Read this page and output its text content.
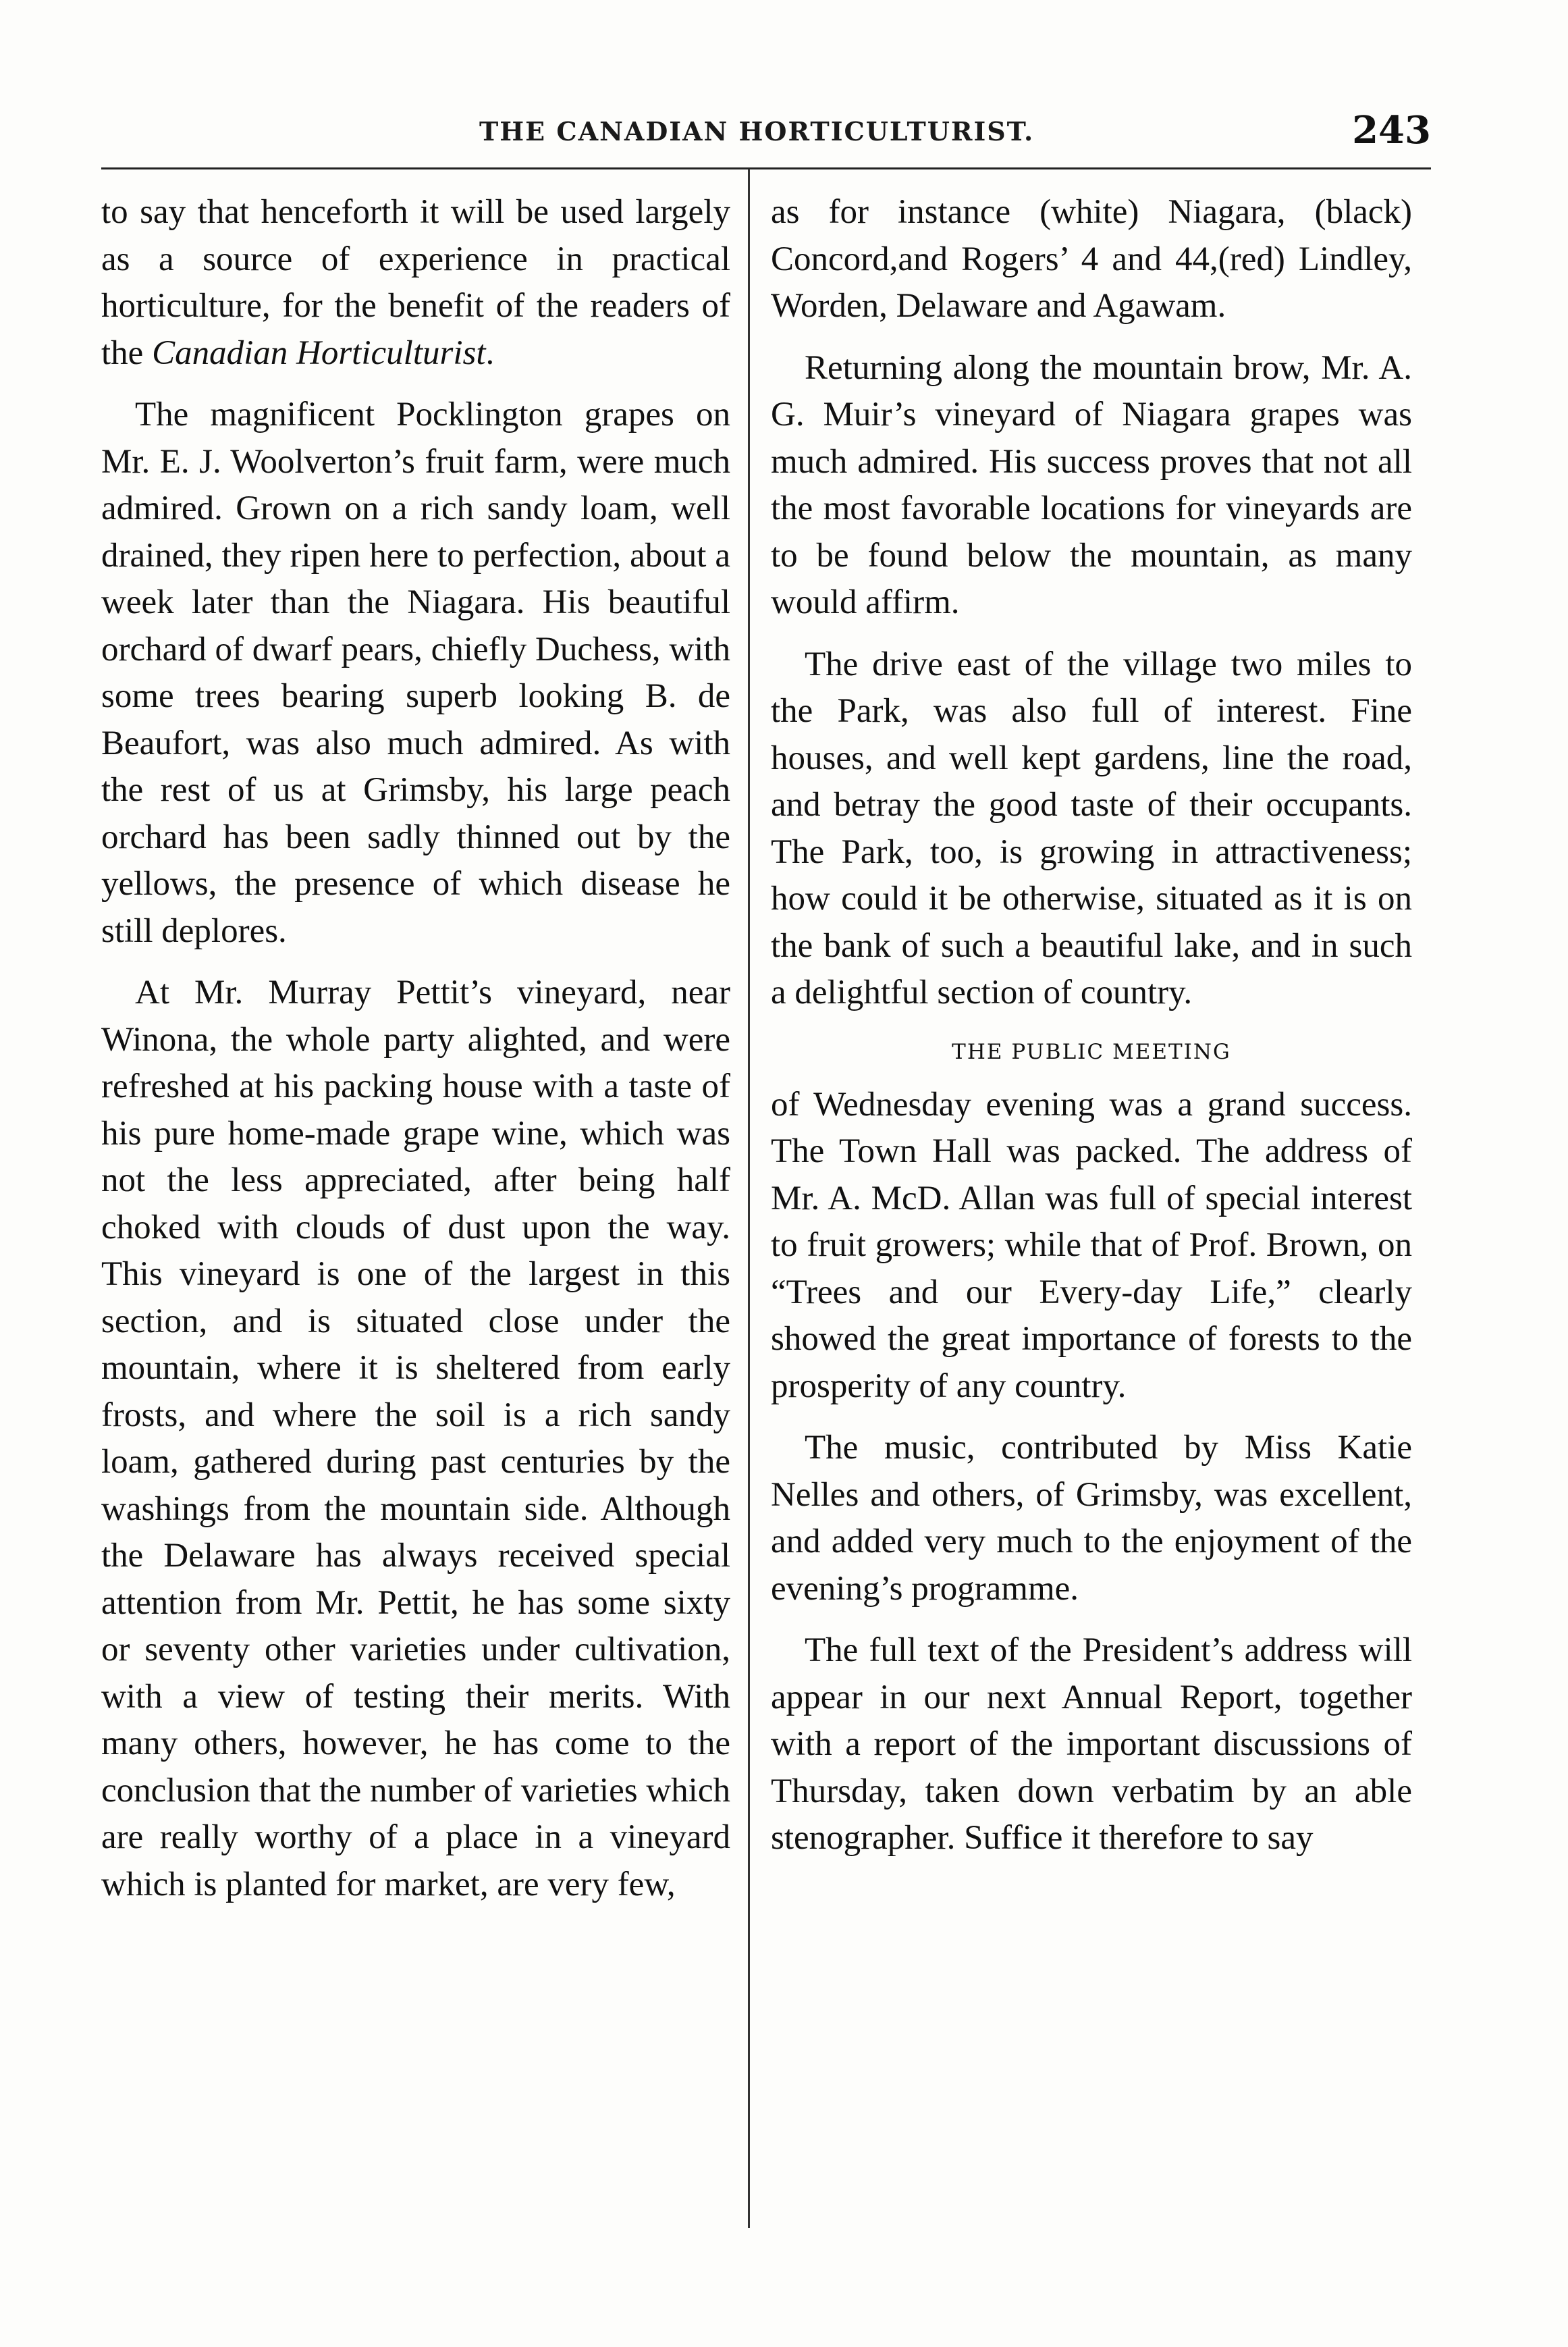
THE CANADIAN HORTICULTURIST.	243

to say that henceforth it will be used largely as a source of experience in practical horticulture, for the benefit of the readers of the Canadian Horticulturist.

The magnificent Pocklington grapes on Mr. E. J. Woolverton’s fruit farm, were much admired. Grown on a rich sandy loam, well drained, they ripen here to perfection, about a week later than the Niagara. His beautiful orchard of dwarf pears, chiefly Duchess, with some trees bearing superb looking B. de Beaufort, was also much admired. As with the rest of us at Grimsby, his large peach orchard has been sadly thinned out by the yellows, the presence of which disease he still deplores.

At Mr. Murray Pettit’s vineyard, near Winona, the whole party alighted, and were refreshed at his packing house with a taste of his pure home-made grape wine, which was not the less appreciated, after being half choked with clouds of dust upon the way. This vineyard is one of the largest in this section, and is situated close under the mountain, where it is sheltered from early frosts, and where the soil is a rich sandy loam, gathered during past centuries by the washings from the mountain side. Although the Delaware has always received special attention from Mr. Pettit, he has some sixty or seventy other varieties under cultivation, with a view of testing their merits. With many others, however, he has come to the conclusion that the number of varieties which are really worthy of a place in a vineyard which is planted for market, are very few,

as for instance (white) Niagara, (black) Concord,and Rogers’ 4 and 44,(red) Lindley, Worden, Delaware and Agawam.

Returning along the mountain brow, Mr. A. G. Muir’s vineyard of Niagara grapes was much admired. His success proves that not all the most favorable locations for vineyards are to be found below the mountain, as many would affirm.

The drive east of the village two miles to the Park, was also full of interest. Fine houses, and well kept gardens, line the road, and betray the good taste of their occupants. The Park, too, is growing in attractiveness; how could it be otherwise, situated as it is on the bank of such a beautiful lake, and in such a delightful section of country.

THE PUBLIC MEETING

of Wednesday evening was a grand success. The Town Hall was packed. The address of Mr. A. McD. Allan was full of special interest to fruit growers; while that of Prof. Brown, on “Trees and our Every-day Life,” clearly showed the great importance of forests to the prosperity of any country.

The music, contributed by Miss Katie Nelles and others, of Grimsby, was excellent, and added very much to the enjoyment of the evening’s programme.

The full text of the President’s address will appear in our next Annual Report, together with a report of the important discussions of Thursday, taken down verbatim by an able stenographer. Suffice it therefore to say
